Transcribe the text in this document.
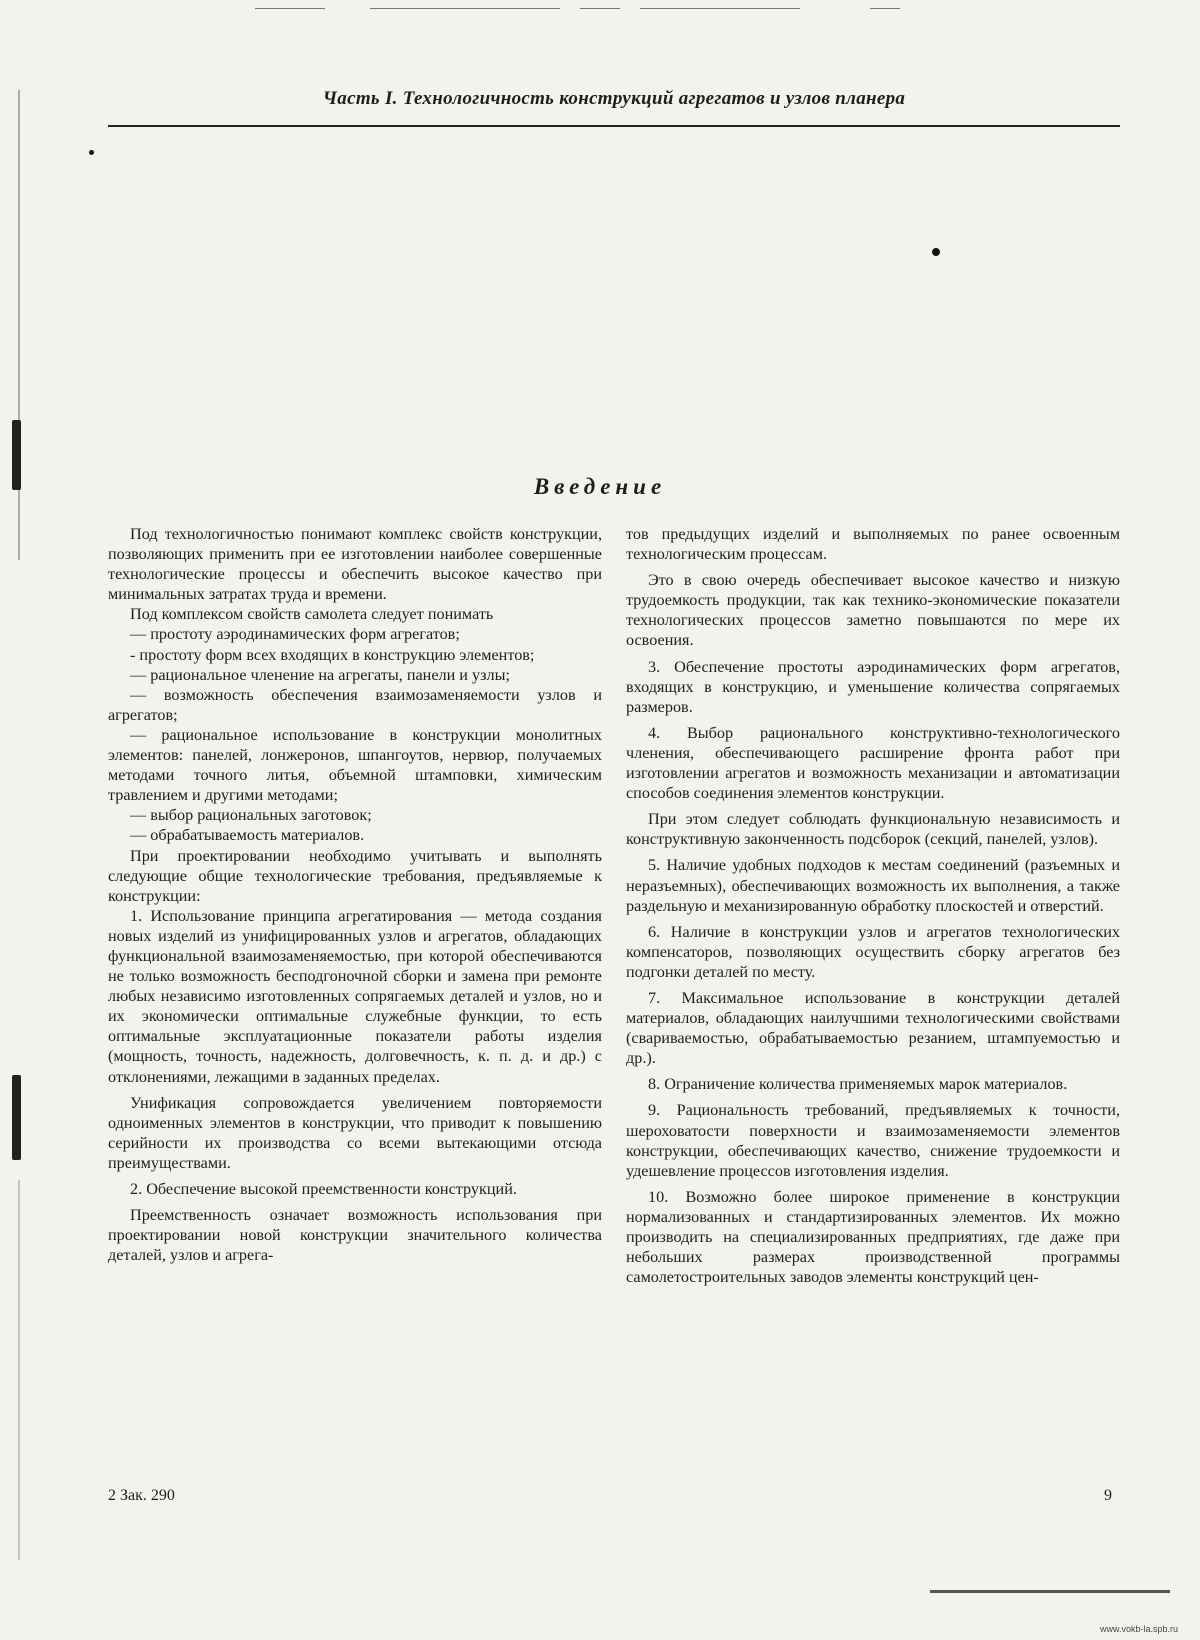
Часть I. Технологичность конструкций агрегатов и узлов планера
Введение

Под технологичностью понимают комплекс свойств конструкции, позволяющих применить при ее изготовлении наиболее совершенные технологические процессы и обеспечить высокое качество при минимальных затратах труда и времени.

Под комплексом свойств самолета следует понимать

— простоту аэродинамических форм агрегатов;

- простоту форм всех входящих в конструкцию элементов;

— рациональное членение на агрегаты, панели и узлы;

— возможность обеспечения взаимозаменяемости узлов и агрегатов;

— рациональное использование в конструкции монолитных элементов: панелей, лонжеронов, шпангоутов, нервюр, получаемых методами точного литья, объемной штамповки, химическим травлением и другими методами;

— выбор рациональных заготовок;

— обрабатываемость материалов.

При проектировании необходимо учитывать и выполнять следующие общие технологические требования, предъявляемые к конструкции:

1. Использование принципа агрегатирования — метода создания новых изделий из унифицированных узлов и агрегатов, обладающих функциональной взаимозаменяемостью, при которой обеспечиваются не только возможность бесподгоночной сборки и замена при ремонте любых независимо изготовленных сопрягаемых деталей и узлов, но и их экономически оптимальные служебные функции, то есть оптимальные эксплуатационные показатели работы изделия (мощность, точность, надежность, долговечность, к. п. д. и др.) с отклонениями, лежащими в заданных пределах.

Унификация сопровождается увеличением повторяемости одноименных элементов в конструкции, что приводит к повышению серийности их производства со всеми вытекающими отсюда преимуществами.

2. Обеспечение высокой преемственности конструкций.

Преемственность означает возможность использования при проектировании новой конструкции значительного количества деталей, узлов и агрега-

тов предыдущих изделий и выполняемых по ранее освоенным технологическим процессам.

Это в свою очередь обеспечивает высокое качество и низкую трудоемкость продукции, так как технико-экономические показатели технологических процессов заметно повышаются по мере их освоения.

3. Обеспечение простоты аэродинамических форм агрегатов, входящих в конструкцию, и уменьшение количества сопрягаемых размеров.

4. Выбор рационального конструктивно-технологического членения, обеспечивающего расширение фронта работ при изготовлении агрегатов и возможность механизации и автоматизации способов соединения элементов конструкции.

При этом следует соблюдать функциональную независимость и конструктивную законченность подсборок (секций, панелей, узлов).

5. Наличие удобных подходов к местам соединений (разъемных и неразъемных), обеспечивающих возможность их выполнения, а также раздельную и механизированную обработку плоскостей и отверстий.

6. Наличие в конструкции узлов и агрегатов технологических компенсаторов, позволяющих осуществить сборку агрегатов без подгонки деталей по месту.

7. Максимальное использование в конструкции деталей материалов, обладающих наилучшими технологическими свойствами (свариваемостью, обрабатываемостью резанием, штампуемостью и др.).

8. Ограничение количества применяемых марок материалов.

9. Рациональность требований, предъявляемых к точности, шероховатости поверхности и взаимозаменяемости элементов конструкции, обеспечивающих качество, снижение трудоемкости и удешевление процессов изготовления изделия.

10. Возможно более широкое применение в конструкции нормализованных и стандартизированных элементов. Их можно производить на специализированных предприятиях, где даже при небольших размерах производственной программы самолетостроительных заводов элементы конструкций цен-

2 Зак. 290	9
www.vokb-la.spb.ru
